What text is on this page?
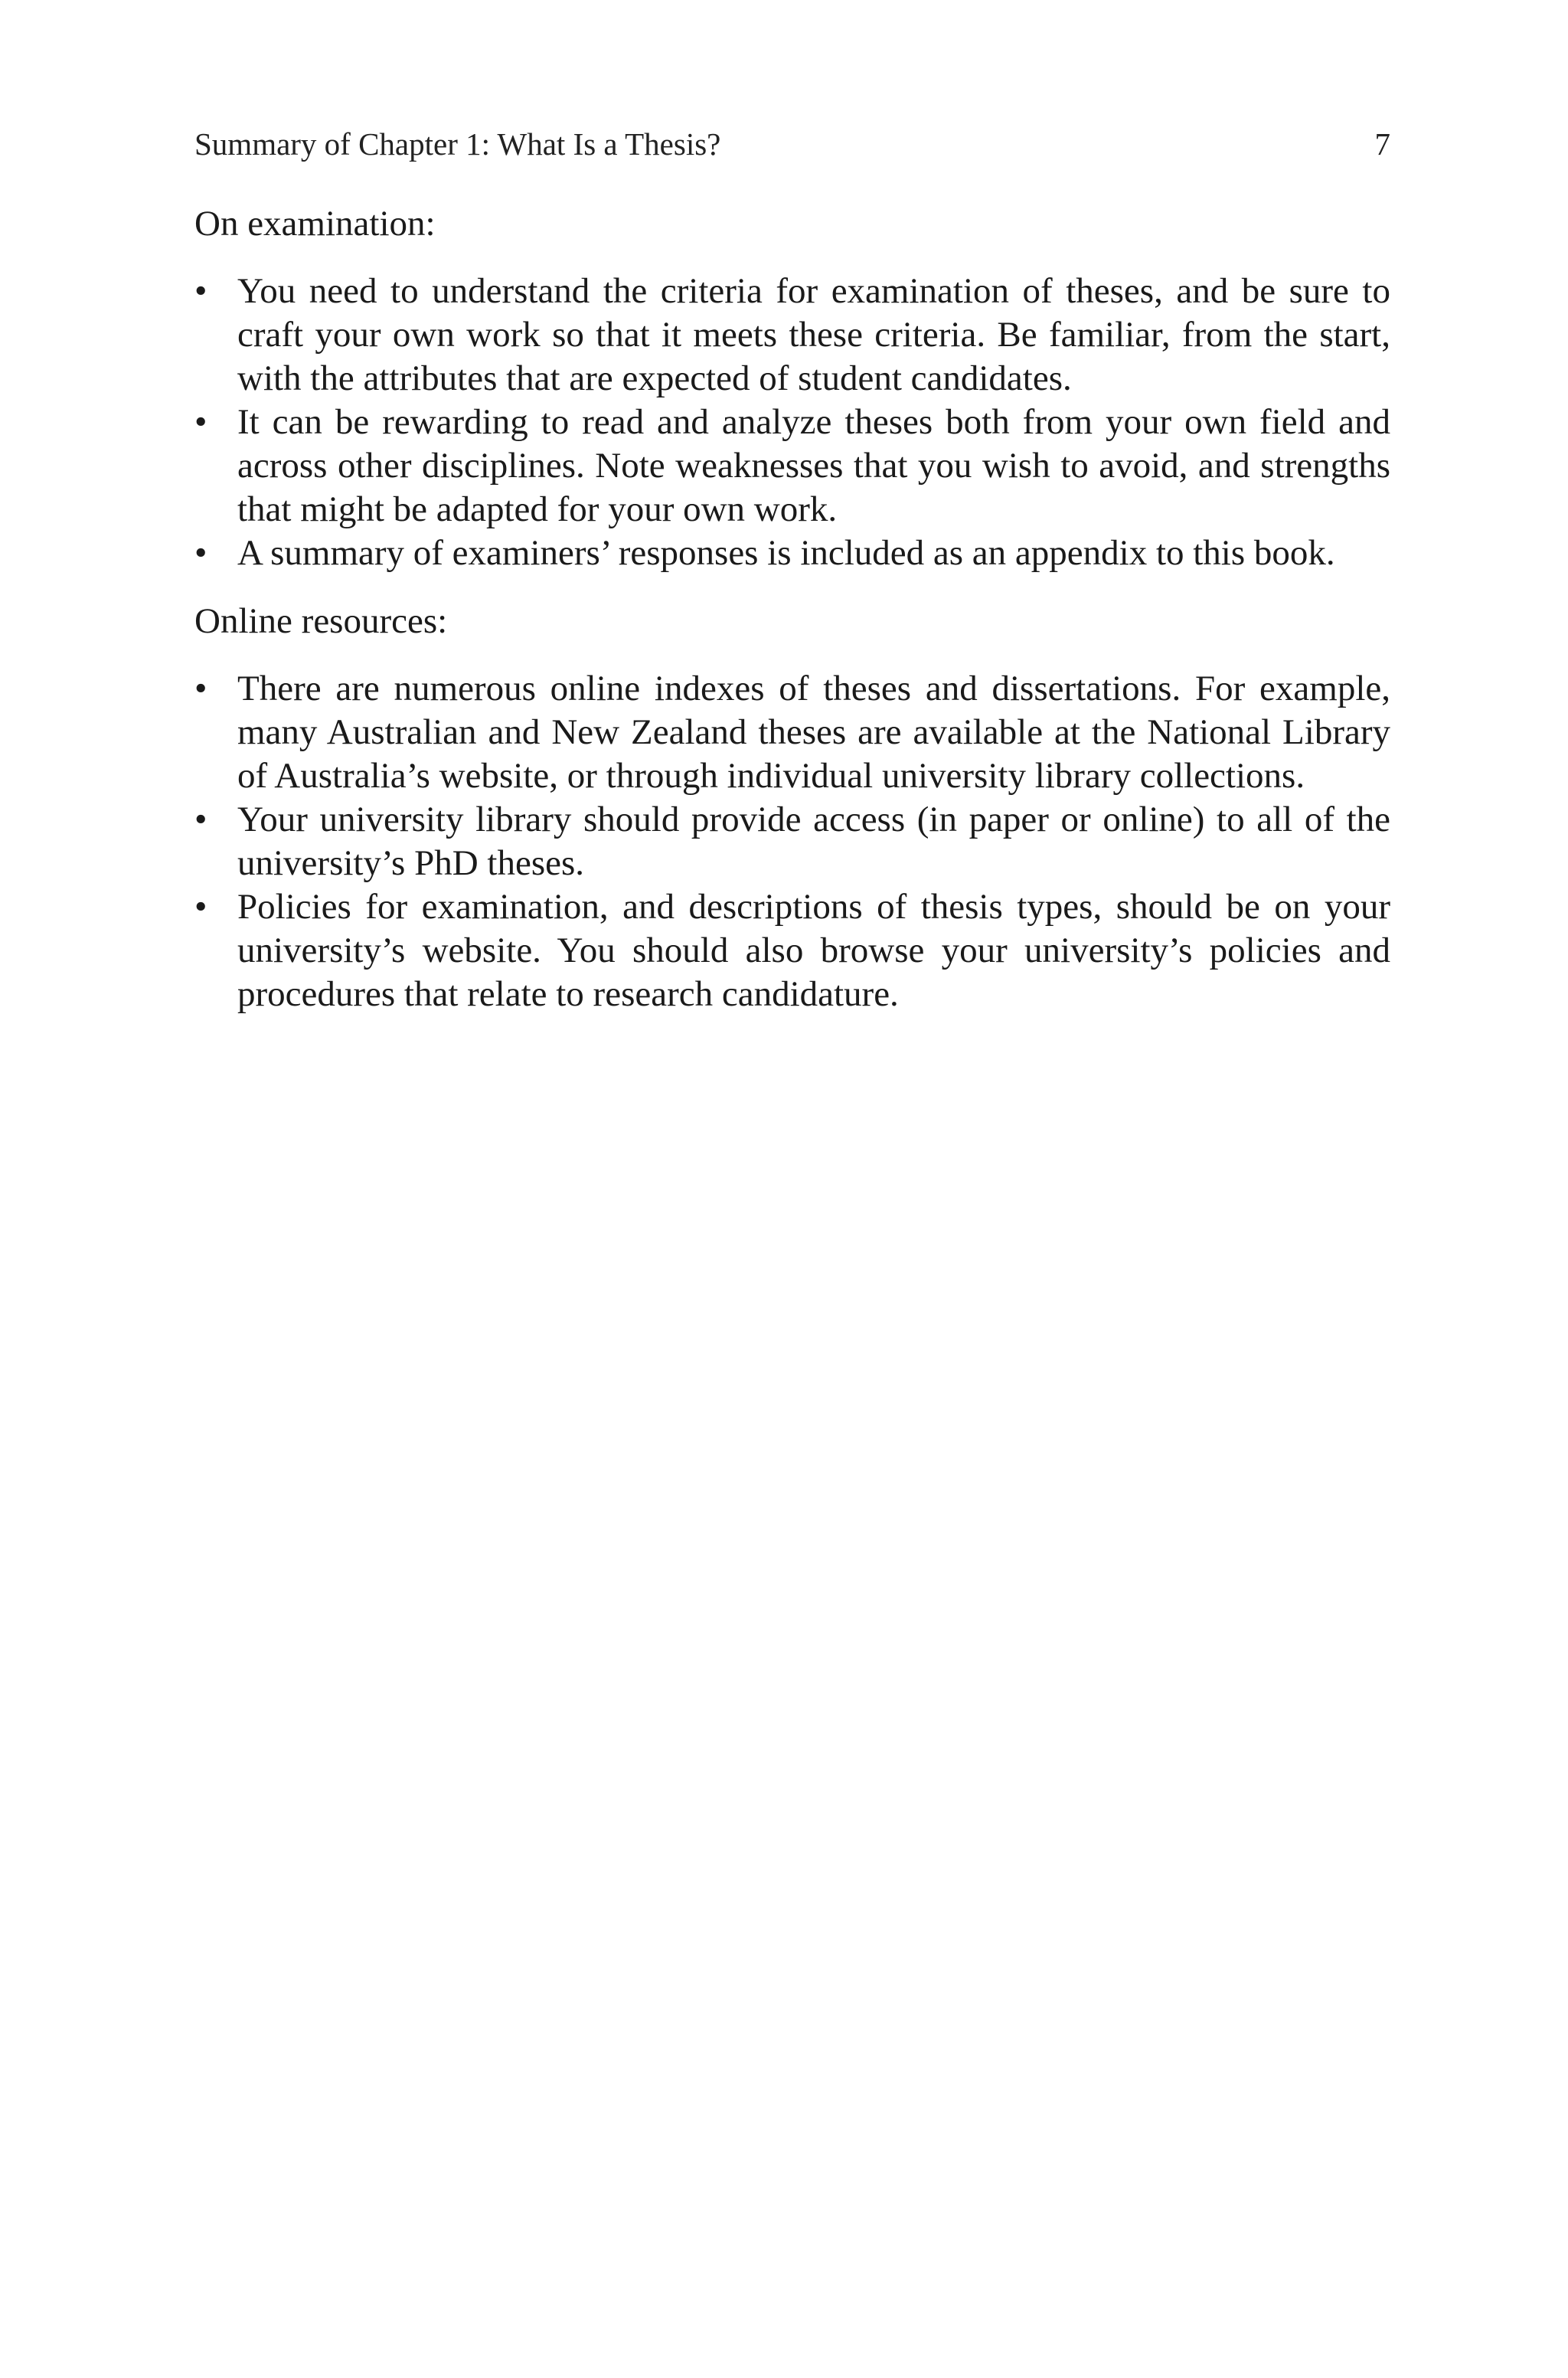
Summary of Chapter 1: What Is a Thesis?	7
On examination:
• You need to understand the criteria for examination of theses, and be sure to craft your own work so that it meets these criteria. Be familiar, from the start, with the attributes that are expected of student candidates.
• It can be rewarding to read and analyze theses both from your own field and across other disciplines. Note weaknesses that you wish to avoid, and strengths that might be adapted for your own work.
• A summary of examiners’ responses is included as an appendix to this book.
Online resources:
• There are numerous online indexes of theses and dissertations. For example, many Australian and New Zealand theses are available at the National Library of Australia’s website, or through individual university library collections.
• Your university library should provide access (in paper or online) to all of the university’s PhD theses.
• Policies for examination, and descriptions of thesis types, should be on your university’s website. You should also browse your university’s policies and procedures that relate to research candidature.
